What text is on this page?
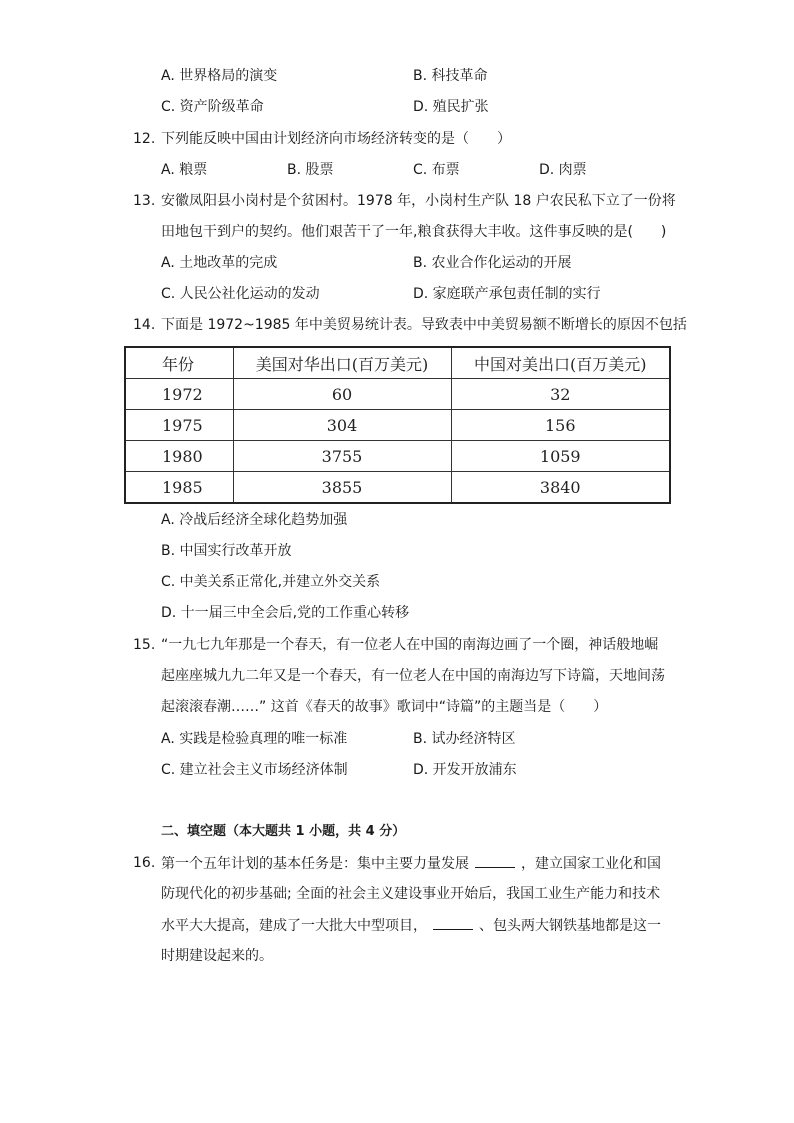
A. 世界格局的演变	B. 科技革命
C. 资产阶级革命	D. 殖民扩张
12. 下列能反映中国由计划经济向市场经济转变的是（　　）
A. 粮票	B. 股票	C. 布票	D. 肉票
13. 安徽凤阳县小岗村是个贫困村。1978 年，小岗村生产队 18 户农民私下立了一份将
田地包干到户的契约。他们艰苦干了一年,粮食获得大丰收。这件事反映的是(　　)
A. 土地改革的完成	B. 农业合作化运动的开展
C. 人民公社化运动的发动	D. 家庭联产承包责任制的实行
14. 下面是 1972~1985 年中美贸易统计表。导致表中中美贸易额不断增长的原因不包括
年份	美国对华出口(百万美元)	中国对美出口(百万美元)
1972	60	32
1975	304	156
1980	3755	1059
1985	3855	3840
A. 冷战后经济全球化趋势加强
B. 中国实行改革开放
C. 中美关系正常化,并建立外交关系
D. 十一届三中全会后,党的工作重心转移
15. “一九七九年那是一个春天，有一位老人在中国的南海边画了一个圈，神话般地崛
起座座城九九二年又是一个春天，有一位老人在中国的南海边写下诗篇，天地间荡
起滚滚春潮……” 这首《春天的故事》歌词中“诗篇”的主题当是（　　）
A. 实践是检验真理的唯一标准	B. 试办经济特区
C. 建立社会主义市场经济体制	D. 开发开放浦东
二、填空题（本大题共 1 小题，共 4 分）
16. 第一个五年计划的基本任务是：集中主要力量发展	，建立国家工业化和国
防现代化的初步基础; 全面的社会主义建设事业开始后，我国工业生产能力和技术
水平大大提高，建成了一大批大中型项目，	、包头两大钢铁基地都是这一
时期建设起来的。
